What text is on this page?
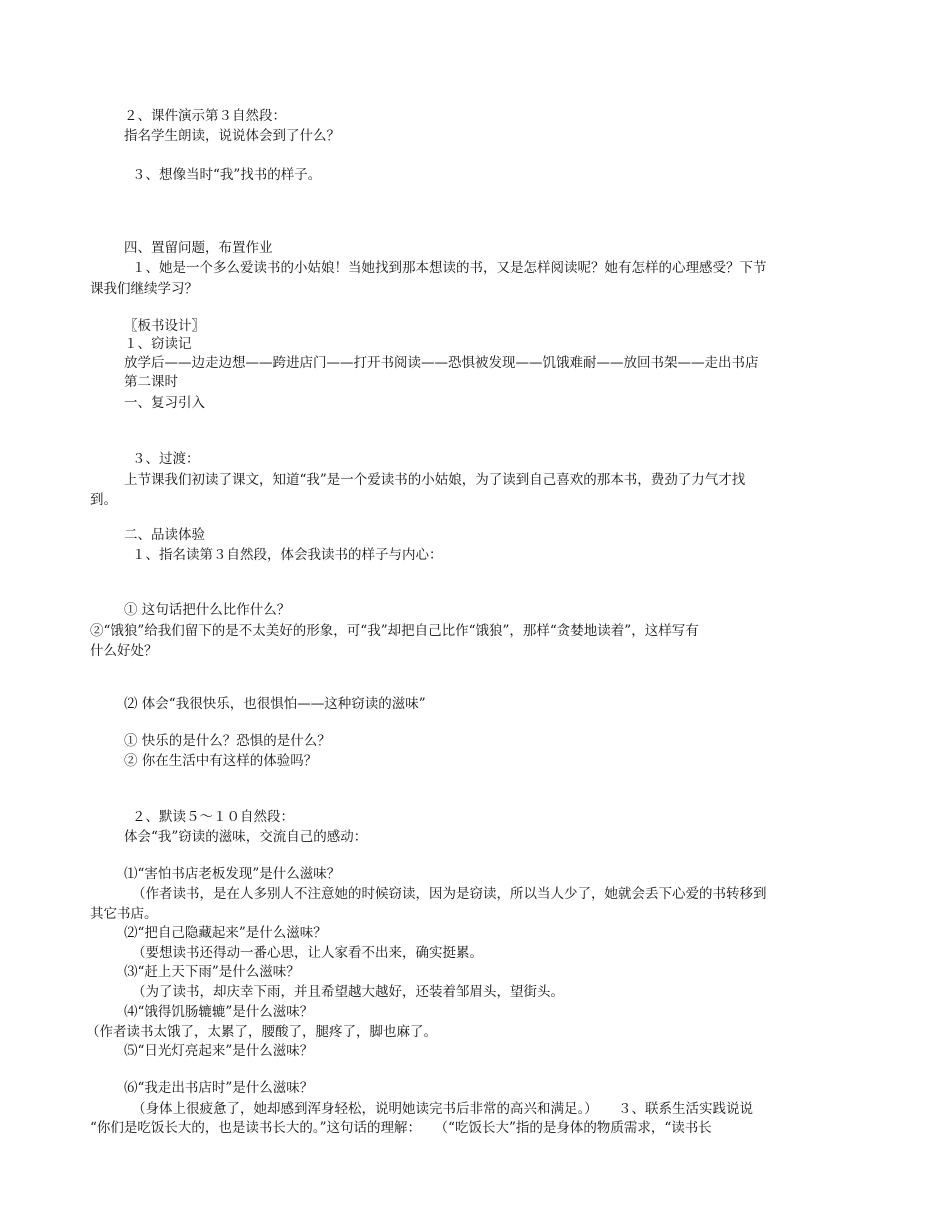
２、课件演示第３自然段：
指名学生朗读，说说体会到了什么？
３、想像当时“我”找书的样子。
四、置留问题，布置作业
１、她是一个多么爱读书的小姑娘！当她找到那本想读的书，又是怎样阅读呢？她有怎样的心理感受？下节
课我们继续学习？
〖板书设计〗
１、窃读记
放学后——边走边想——跨进店门——打开书阅读——恐惧被发现——饥饿难耐——放回书架——走出书店
第二课时
一、复习引入
３、过渡：
上节课我们初读了课文，知道“我”是一个爱读书的小姑娘，为了读到自己喜欢的那本书，费劲了力气才找
到。
二、品读体验
１、指名读第３自然段，体会我读书的样子与内心：
① 这句话把什么比作什么？
②“饿狼”给我们留下的是不太美好的形象，可“我”却把自己比作“饿狼”，那样“贪婪地读着”，这样写有
什么好处？
⑵ 体会“我很快乐，也很惧怕——这种窃读的滋味”
① 快乐的是什么？恐惧的是什么？
② 你在生活中有这样的体验吗？
２、默读５～１０自然段：
体会“我”窃读的滋味，交流自己的感动：
⑴“害怕书店老板发现”是什么滋味？
（作者读书，是在人多别人不注意她的时候窃读，因为是窃读，所以当人少了，她就会丢下心爱的书转移到
其它书店。
⑵“把自己隐藏起来”是什么滋味？
（要想读书还得动一番心思，让人家看不出来，确实挺累。
⑶“赶上天下雨”是什么滋味？
（为了读书，却庆幸下雨，并且希望越大越好，还装着邹眉头，望街头。
⑷“饿得饥肠辘辘”是什么滋味？
（作者读书太饿了，太累了，腰酸了，腿疼了，脚也麻了。
⑸“日光灯亮起来”是什么滋味？
⑹“我走出书店时”是什么滋味？
（身体上很疲惫了，她却感到浑身轻松，说明她读完书后非常的高兴和满足。）　　３、联系生活实践说说
“你们是吃饭长大的，也是读书长大的。”这句话的理解：　　（“吃饭长大”指的是身体的物质需求，“读书长
